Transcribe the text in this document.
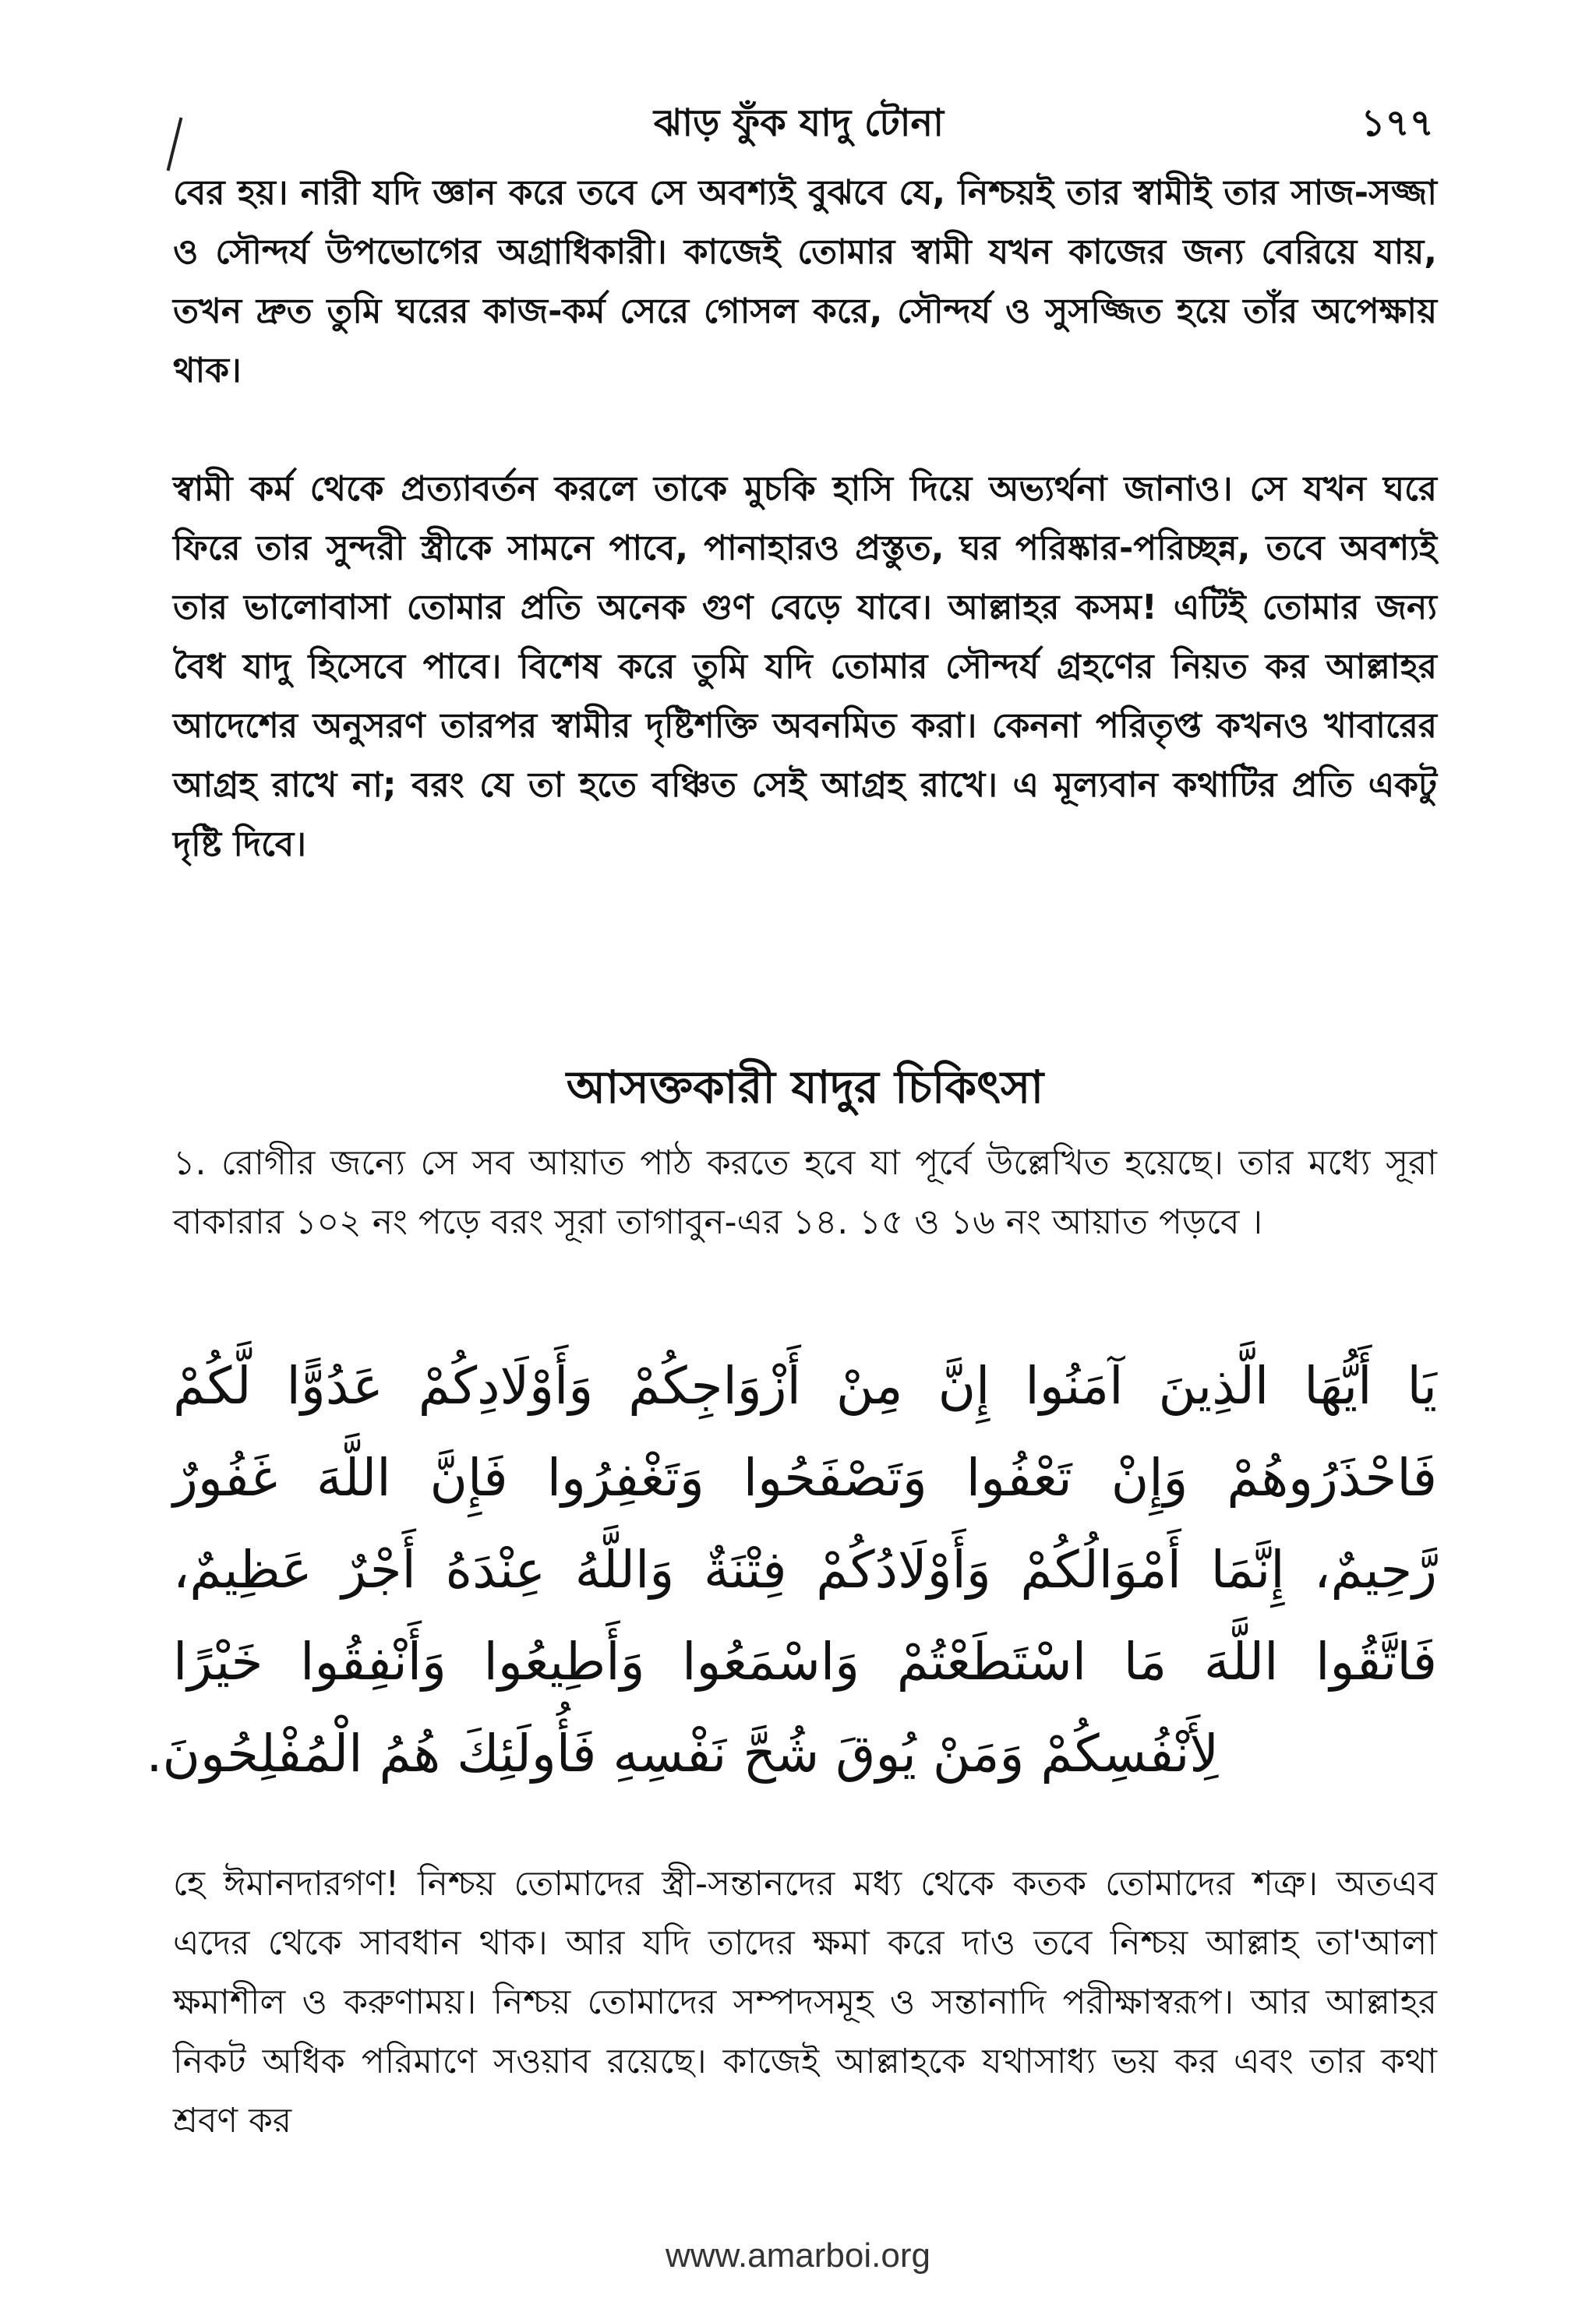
ঝাড় ফুঁক যাদু টোনা	১৭৭

বের হয়। নারী যদি জ্ঞান করে তবে সে অবশ্যই বুঝবে যে, নিশ্চয়ই তার স্বামীই তার সাজ-সজ্জা ও সৌন্দর্য উপভোগের অগ্রাধিকারী। কাজেই তোমার স্বামী যখন কাজের জন্য বেরিয়ে যায়, তখন দ্রুত তুমি ঘরের কাজ-কর্ম সেরে গোসল করে, সৌন্দর্য ও সুসজ্জিত হয়ে তাঁর অপেক্ষায় থাক।

স্বামী কর্ম থেকে প্রত্যাবর্তন করলে তাকে মুচকি হাসি দিয়ে অভ্যর্থনা জানাও। সে যখন ঘরে ফিরে তার সুন্দরী স্ত্রীকে সামনে পাবে, পানাহারও প্রস্তুত, ঘর পরিষ্কার-পরিচ্ছন্ন, তবে অবশ্যই তার ভালোবাসা তোমার প্রতি অনেক গুণ বেড়ে যাবে। আল্লাহর কসম! এটিই তোমার জন্য বৈধ যাদু হিসেবে পাবে। বিশেষ করে তুমি যদি তোমার সৌন্দর্য গ্রহণের নিয়ত কর আল্লাহর আদেশের অনুসরণ তারপর স্বামীর দৃষ্টিশক্তি অবনমিত করা। কেননা পরিতৃপ্ত কখনও খাবারের আগ্রহ রাখে না; বরং যে তা হতে বঞ্চিত সেই আগ্রহ রাখে। এ মূল্যবান কথাটির প্রতি একটু দৃষ্টি দিবে।

আসক্তকারী যাদুর চিকিৎসা

১. রোগীর জন্যে সে সব আয়াত পাঠ করতে হবে যা পূর্বে উল্লেখিত হয়েছে। তার মধ্যে সূরা বাকারার ১০২ নং পড়ে বরং সূরা তাগাবুন-এর ১৪. ১৫ ও ১৬ নং আয়াত পড়বে ।

يَا أَيُّهَا الَّذِينَ آمَنُوا إِنَّ مِنْ أَزْوَاجِكُمْ وَأَوْلَادِكُمْ عَدُوًّا لَّكُمْ
فَاحْذَرُوهُمْ وَإِنْ تَعْفُوا وَتَصْفَحُوا وَتَغْفِرُوا فَإِنَّ اللَّهَ غَفُورٌ
رَّحِيمٌ، إِنَّمَا أَمْوَالُكُمْ وَأَوْلَادُكُمْ فِتْنَةٌ وَاللَّهُ عِنْدَهُ أَجْرٌ عَظِيمٌ،
فَاتَّقُوا اللَّهَ مَا اسْتَطَعْتُمْ وَاسْمَعُوا وَأَطِيعُوا وَأَنْفِقُوا خَيْرًا
لِأَنْفُسِكُمْ وَمَنْ يُوقَ شُحَّ نَفْسِهِ فَأُولَئِكَ هُمُ الْمُفْلِحُونَ.

হে ঈমানদারগণ! নিশ্চয় তোমাদের স্ত্রী-সন্তানদের মধ্য থেকে কতক তোমাদের শত্রু। অতএব এদের থেকে সাবধান থাক। আর যদি তাদের ক্ষমা করে দাও তবে নিশ্চয় আল্লাহ তা'আলা ক্ষমাশীল ও করুণাময়। নিশ্চয় তোমাদের সম্পদসমূহ ও সন্তানাদি পরীক্ষাস্বরূপ। আর আল্লাহর নিকট অধিক পরিমাণে সওয়াব রয়েছে। কাজেই আল্লাহকে যথাসাধ্য ভয় কর এবং তার কথা শ্রবণ কর

www.amarboi.org
